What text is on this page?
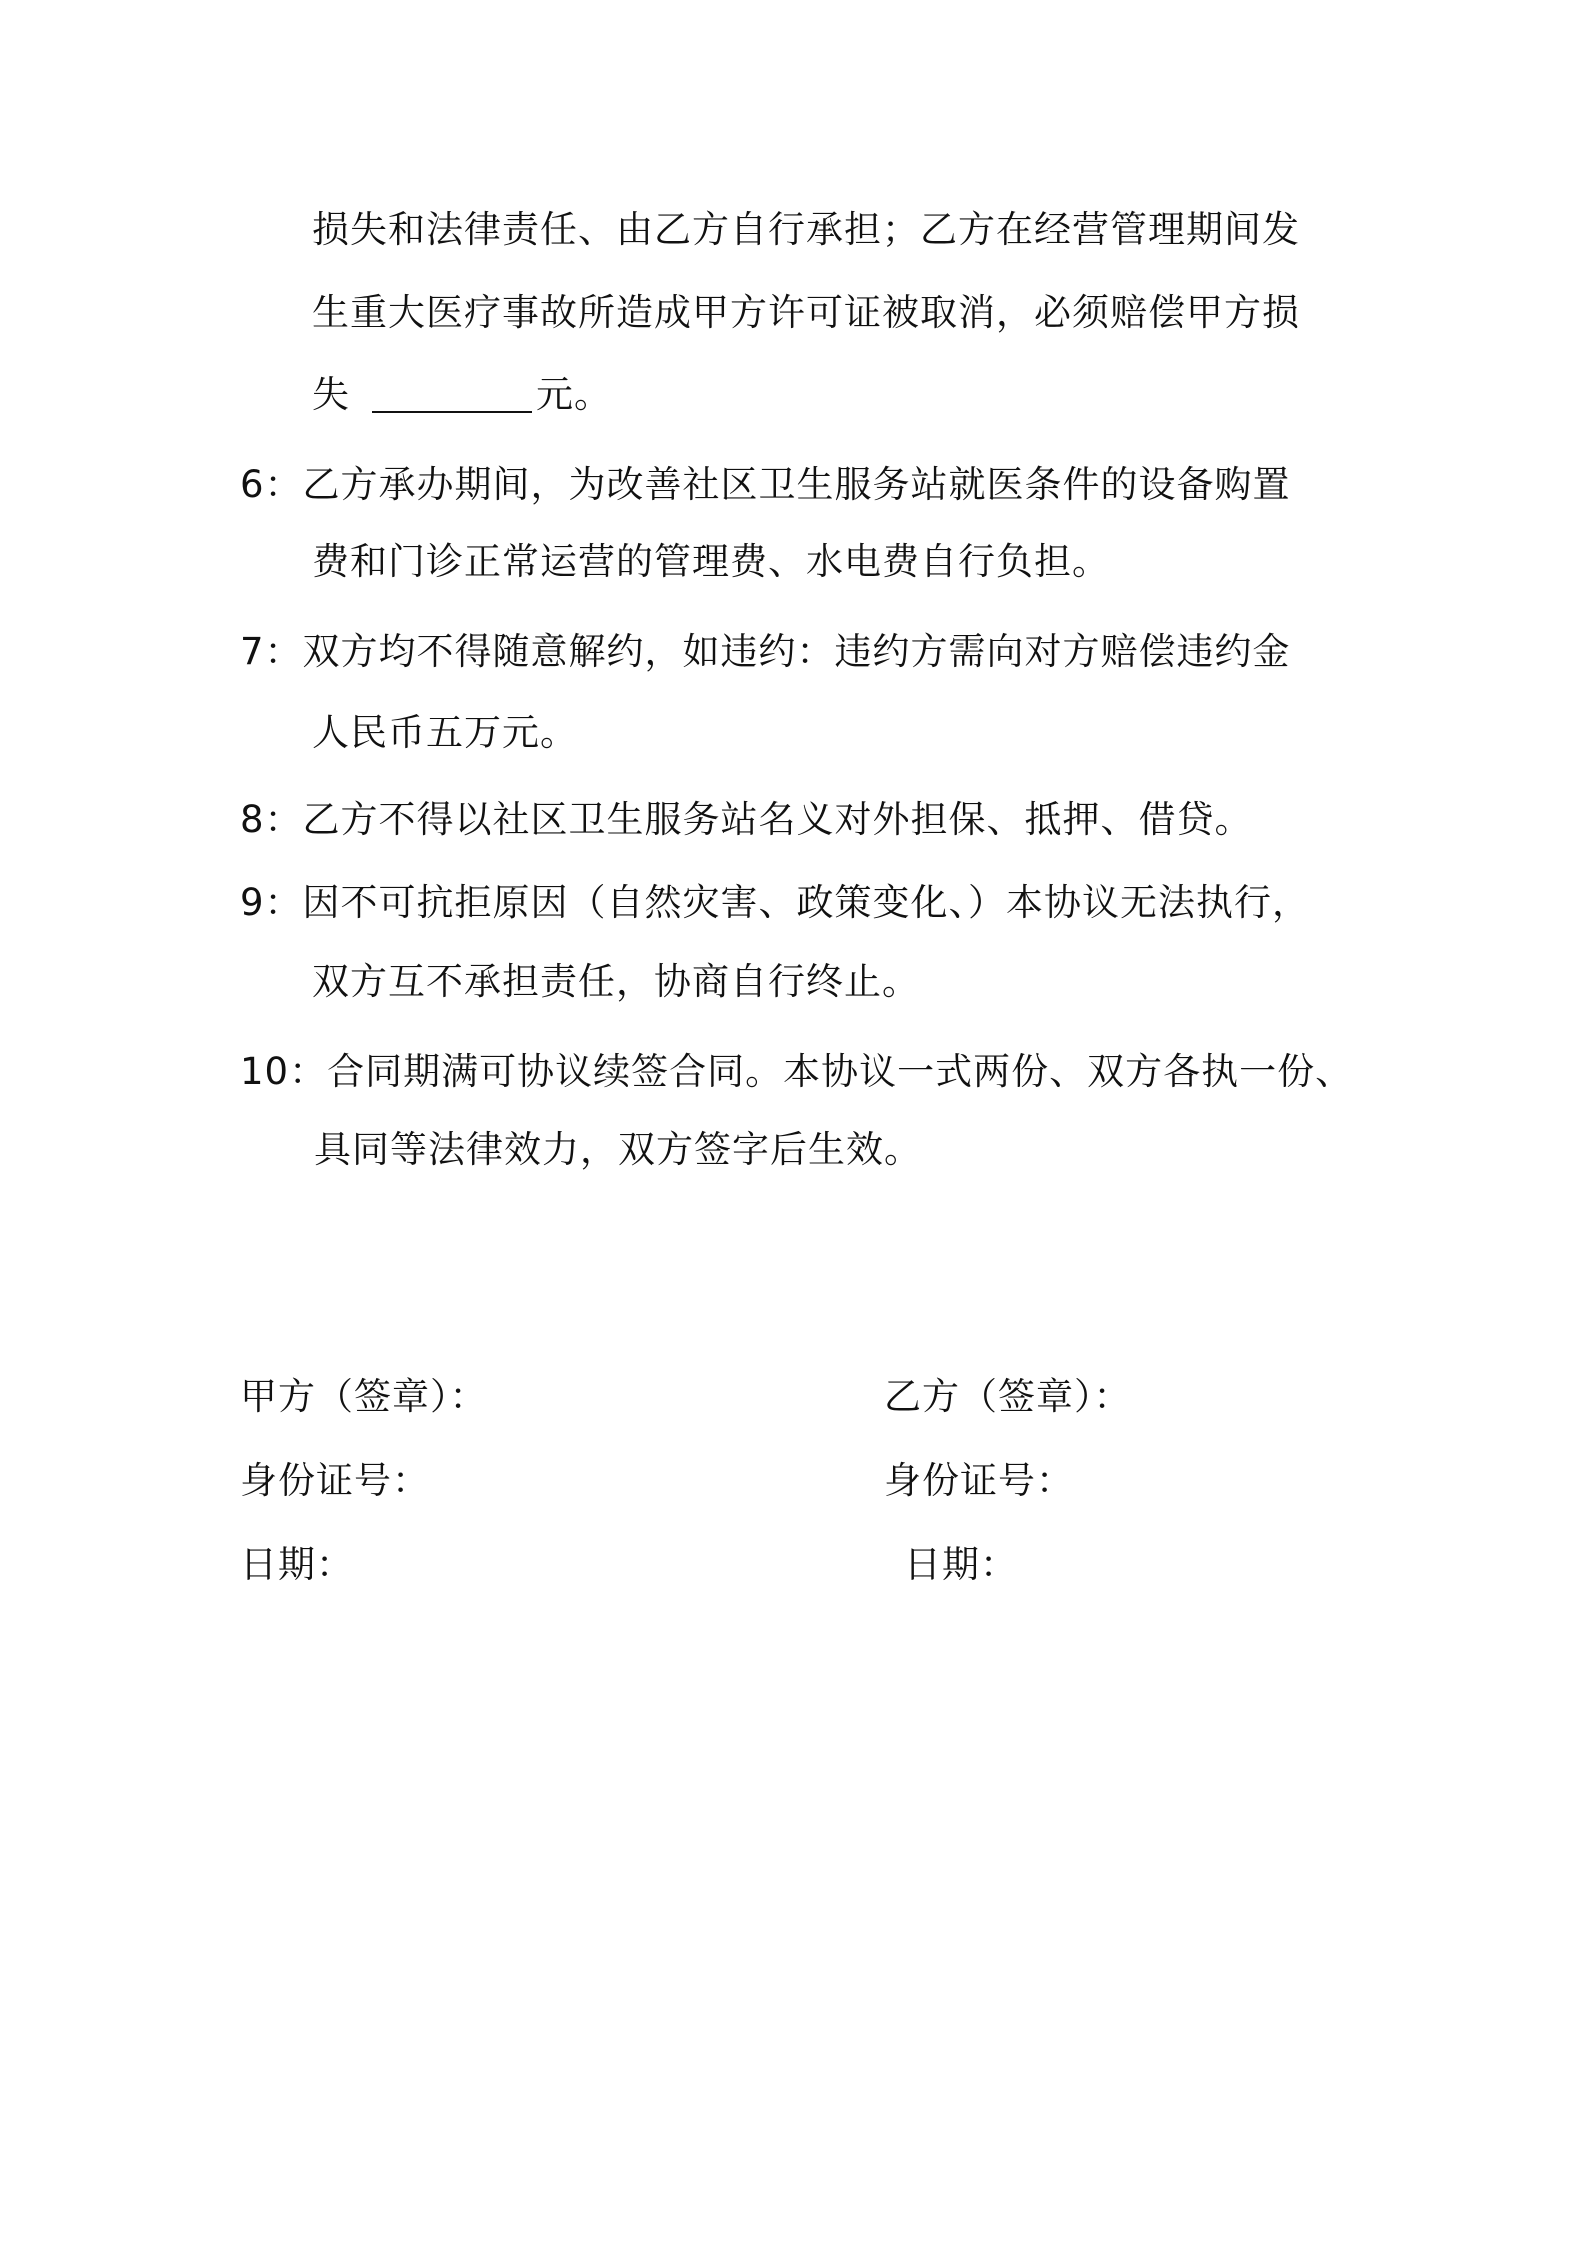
损失和法律责任、由乙方自行承担；乙方在经营管理期间发
生重大医疗事故所造成甲方许可证被取消，必须赔偿甲方损
失	元。
6：乙方承办期间，为改善社区卫生服务站就医条件的设备购置
费和门诊正常运营的管理费、水电费自行负担。
7：双方均不得随意解约，如违约：违约方需向对方赔偿违约金
人民币五万元。
8：乙方不得以社区卫生服务站名义对外担保、抵押、借贷。
9：因不可抗拒原因（自然灾害、政策变化、）本协议无法执行，
双方互不承担责任，协商自行终止。
10：合同期满可协议续签合同。本协议一式两份、双方各执一份、
具同等法律效力，双方签字后生效。
甲方（签章）：
身份证号：
日期：
乙方（签章）：
身份证号：
日期：
